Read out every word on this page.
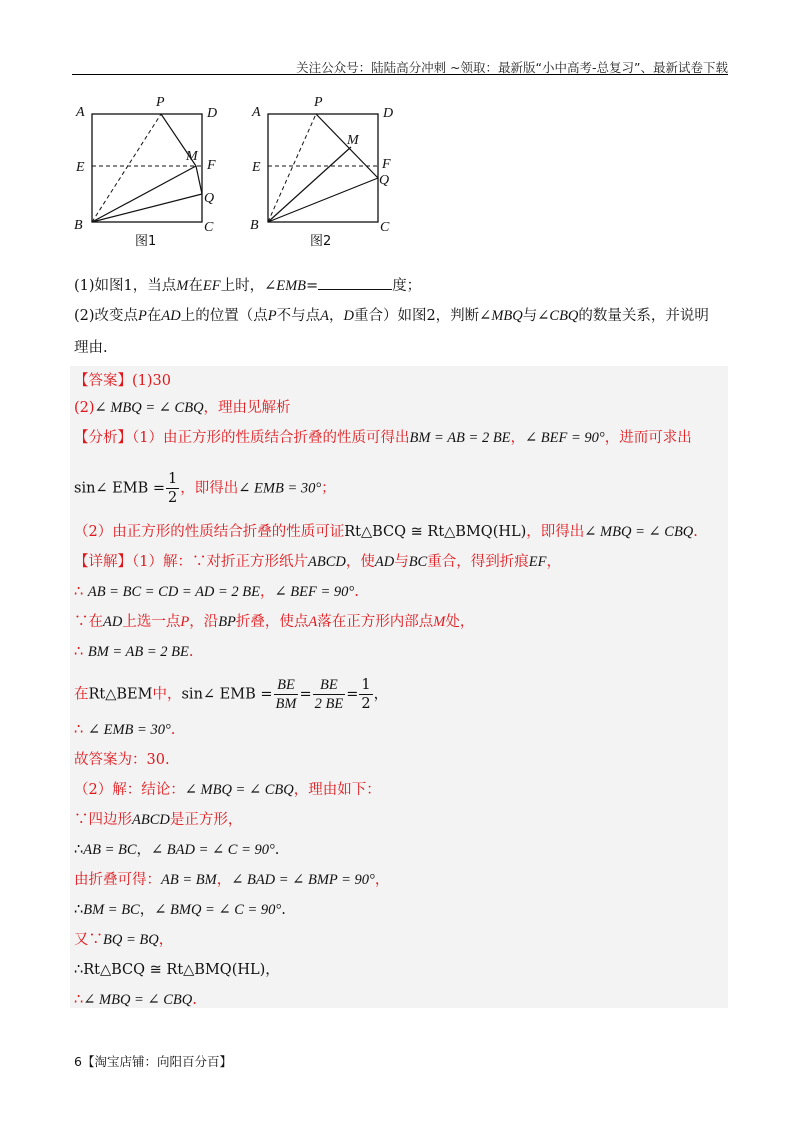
关注公众号：陆陆高分冲刺 ~领取：最新版“小中高考-总复习”、最新试卷下载
A
P
D
E
M
F
Q
B	C
图1
A
P
D
E
M
F
Q
B	C
图2
(1)如图1，当点M在EF上时，∠EMB=	度；
(2)改变点P在AD上的位置（点P不与点A，D重合）如图2，判断∠MBQ与∠CBQ的数量关系，并说明
理由.
【答案】(1)30
(2)∠ MBQ = ∠ CBQ，理由见解析
【分析】（1）由正方形的性质结合折叠的性质可得出BM = AB = 2 BE，∠ BEF = 90°，进而可求出
sin∠ EMB = $\frac{1}{2}$ ，即得出∠ EMB = 30°；
（2）由正方形的性质结合折叠的性质可证Rt△BCQ ≅ Rt△BMQ(HL)，即得出∠ MBQ = ∠ CBQ.
【详解】（1）解：∵对折正方形纸片ABCD，使AD与BC重合，得到折痕EF，
∴ AB = BC = CD = AD = 2 BE，∠ BEF = 90°.
∵在AD上选一点P，沿BP折叠，使点A落在正方形内部点M处，
∴ BM = AB = 2 BE.
在Rt△BEM中，sin∠ EMB = $\frac{BE}{BM} = \frac{BE}{2 BE} = \frac{1}{2}$ ，
∴ ∠ EMB = 30°.
故答案为：30.
（2）解：结论：∠ MBQ = ∠ CBQ，理由如下：
∵四边形ABCD是正方形，
∴AB = BC，∠ BAD = ∠ C = 90°.
由折叠可得：AB = BM，∠ BAD = ∠ BMP = 90°，
∴BM = BC，∠ BMQ = ∠ C = 90°.
又∵BQ = BQ，
∴Rt△BCQ ≅ Rt△BMQ(HL)，
∴∠ MBQ = ∠ CBQ.
6【淘宝店铺：向阳百分百】
